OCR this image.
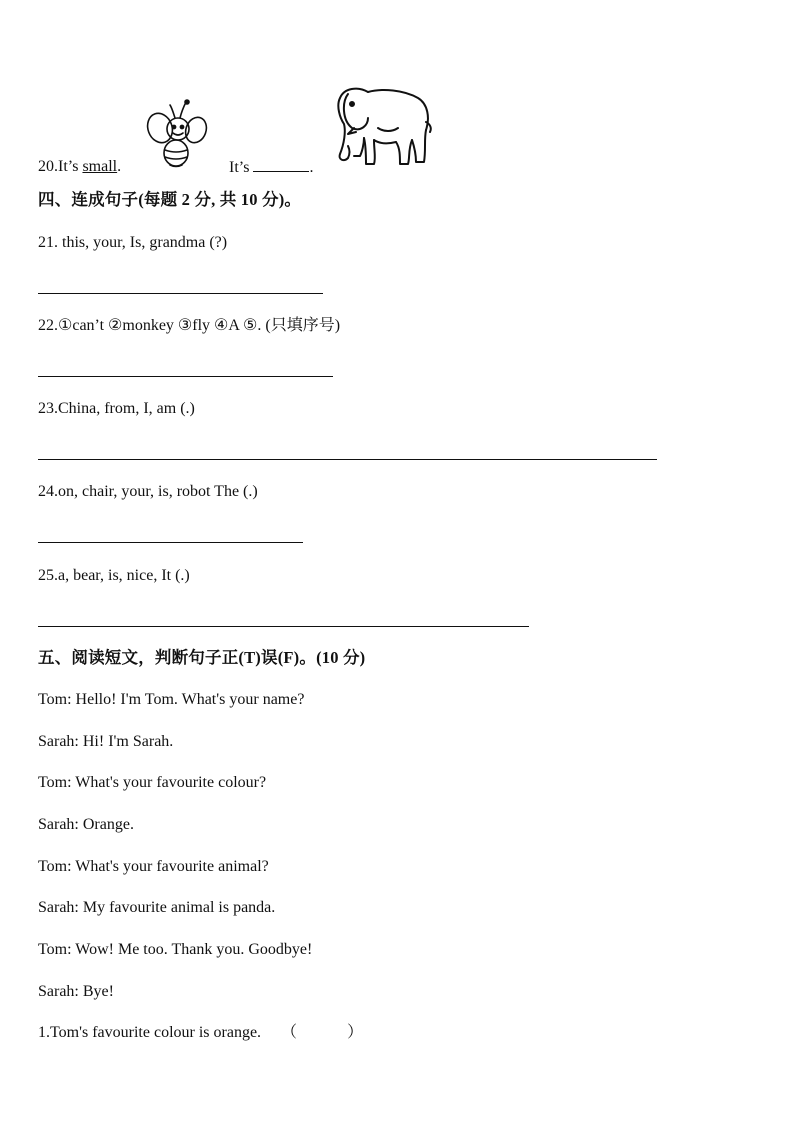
20.It’s small.	It’s	.
四、连成句子(每题 2 分, 共 10 分)。
21. this, your, Is, grandma (?)
22.①can’t ②monkey ③fly ④A ⑤. (只填序号)
23.China, from, I, am (.)
24.on, chair, your, is, robot The (.)
25.a, bear, is, nice, It (.)
五、阅读短文，判断句子正(T)误(F)。(10 分)
Tom: Hello! I'm Tom. What's your name?
Sarah: Hi! I'm Sarah.
Tom: What's your favourite colour?
Sarah: Orange.
Tom: What's your favourite animal?
Sarah: My favourite animal is panda.
Tom: Wow! Me too. Thank you. Goodbye!
Sarah: Bye!
1.Tom's favourite colour is orange. （	）
